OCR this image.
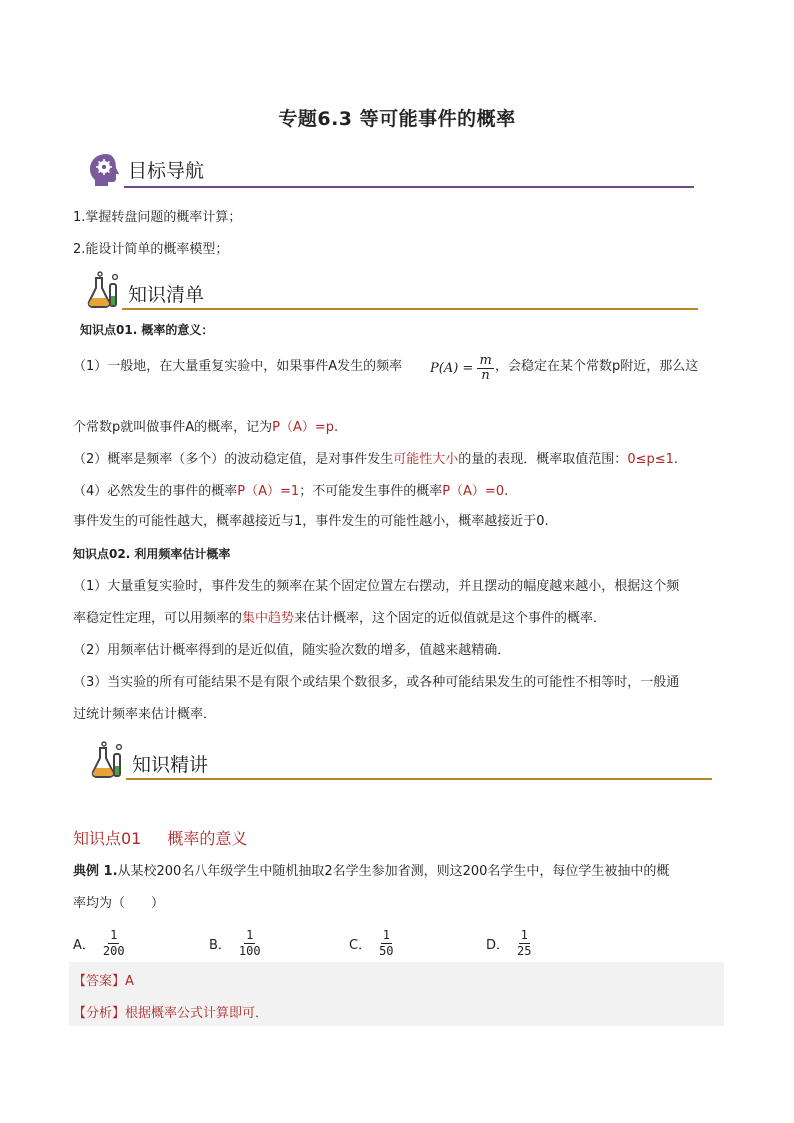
专题6.3 等可能事件的概率
目标导航
1.掌握转盘问题的概率计算；
2.能设计简单的概率模型；
知识清单
知识点01. 概率的意义：
（1）一般地，在大量重复实验中，如果事件A发生的频率 $P(A) = \frac{m}{n}$ ，会稳定在某个常数p附近，那么这
个常数p就叫做事件A的概率，记为P（A）=p.
（2）概率是频率（多个）的波动稳定值，是对事件发生可能性大小的量的表现．概率取值范围：0≤p≤1.
（4）必然发生的事件的概率P（A）=1；不可能发生事件的概率P（A）=0.
事件发生的可能性越大，概率越接近与1，事件发生的可能性越小，概率越接近于0.
知识点02. 利用频率估计概率
（1）大量重复实验时，事件发生的频率在某个固定位置左右摆动，并且摆动的幅度越来越小，根据这个频
率稳定性定理，可以用频率的集中趋势来估计概率，这个固定的近似值就是这个事件的概率．
（2）用频率估计概率得到的是近似值，随实验次数的增多，值越来越精确．
（3）当实验的所有可能结果不是有限个或结果个数很多，或各种可能结果发生的可能性不相等时，一般通
过统计频率来估计概率．
知识精讲
知识点01 概率的意义
典例 1.从某校200名八年级学生中随机抽取2名学生参加省测，则这200名学生中，每位学生被抽中的概
率均为（　　）
A． $\frac{1}{200}$	B． $\frac{1}{100}$	C． $\frac{1}{50}$	D． $\frac{1}{25}$
【答案】A
【分析】根据概率公式计算即可．
